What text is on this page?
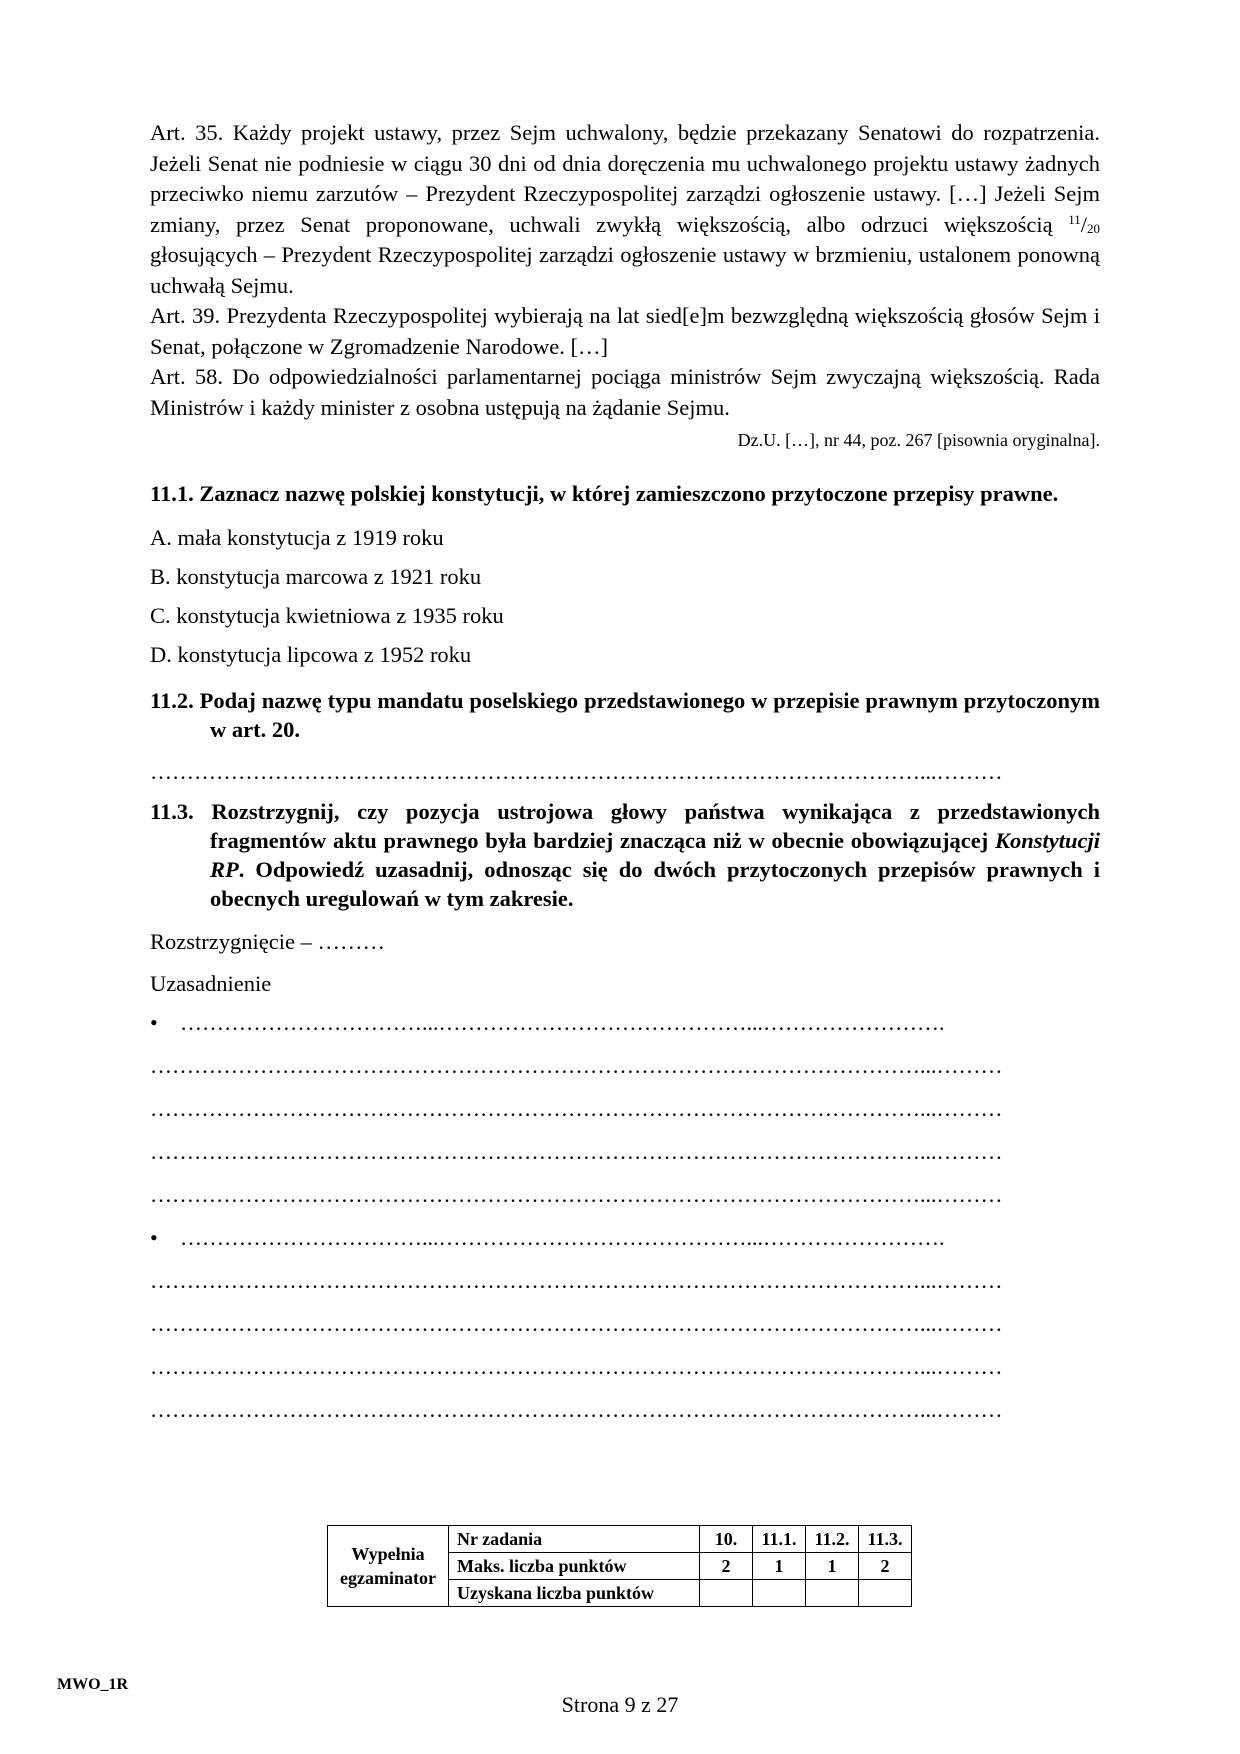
Art. 35. Każdy projekt ustawy, przez Sejm uchwalony, będzie przekazany Senatowi do rozpatrzenia. Jeżeli Senat nie podniesie w ciągu 30 dni od dnia doręczenia mu uchwalonego projektu ustawy żadnych przeciwko niemu zarzutów – Prezydent Rzeczypospolitej zarządzi ogłoszenie ustawy. […] Jeżeli Sejm zmiany, przez Senat proponowane, uchwali zwykłą większością, albo odrzuci większością $^{11}/_{20}$ głosujących – Prezydent Rzeczypospolitej zarządzi ogłoszenie ustawy w brzmieniu, ustalonem ponowną uchwałą Sejmu.

Art. 39. Prezydenta Rzeczypospolitej wybierają na lat sied[e]m bezwzględną większością głosów Sejm i Senat, połączone w Zgromadzenie Narodowe. […]

Art. 58. Do odpowiedzialności parlamentarnej pociąga ministrów Sejm zwyczajną większością. Rada Ministrów i każdy minister z osobna ustępują na żądanie Sejmu.

Dz.U. […], nr 44, poz. 267 [pisownia oryginalna].

11.1. Zaznacz nazwę polskiej konstytucji, w której zamieszczono przytoczone przepisy prawne.

A. mała konstytucja z 1919 roku

B. konstytucja marcowa z 1921 roku

C. konstytucja kwietniowa z 1935 roku

D. konstytucja lipcowa z 1952 roku

11.2. Podaj nazwę typu mandatu poselskiego przedstawionego w przepisie prawnym przytoczonym w art. 20.

……………………………………………………………………………………………...………

11.3. Rozstrzygnij, czy pozycja ustrojowa głowy państwa wynikająca z przedstawionych fragmentów aktu prawnego była bardziej znacząca niż w obecnie obowiązującej Konstytucji RP. Odpowiedź uzasadnij, odnosząc się do dwóch przytoczonych przepisów prawnych i obecnych uregulowań w tym zakresie.

Rozstrzygnięcie – ………

Uzasadnienie

•	……………………………...……………………………………...…………………….

……………………………………………………………………………………………...………

……………………………………………………………………………………………...………

……………………………………………………………………………………………...………

……………………………………………………………………………………………...………

•	……………………………...……………………………………...…………………….

……………………………………………………………………………………………...………

……………………………………………………………………………………………...………

……………………………………………………………………………………………...………

……………………………………………………………………………………………...………

Wypełnia egzaminator	Nr zadania	10.	11.1.	11.2.	11.3.
	Maks. liczba punktów	2	1	1	2
	Uzyskana liczba punktów				
MWO_1R
Strona 9 z 27
